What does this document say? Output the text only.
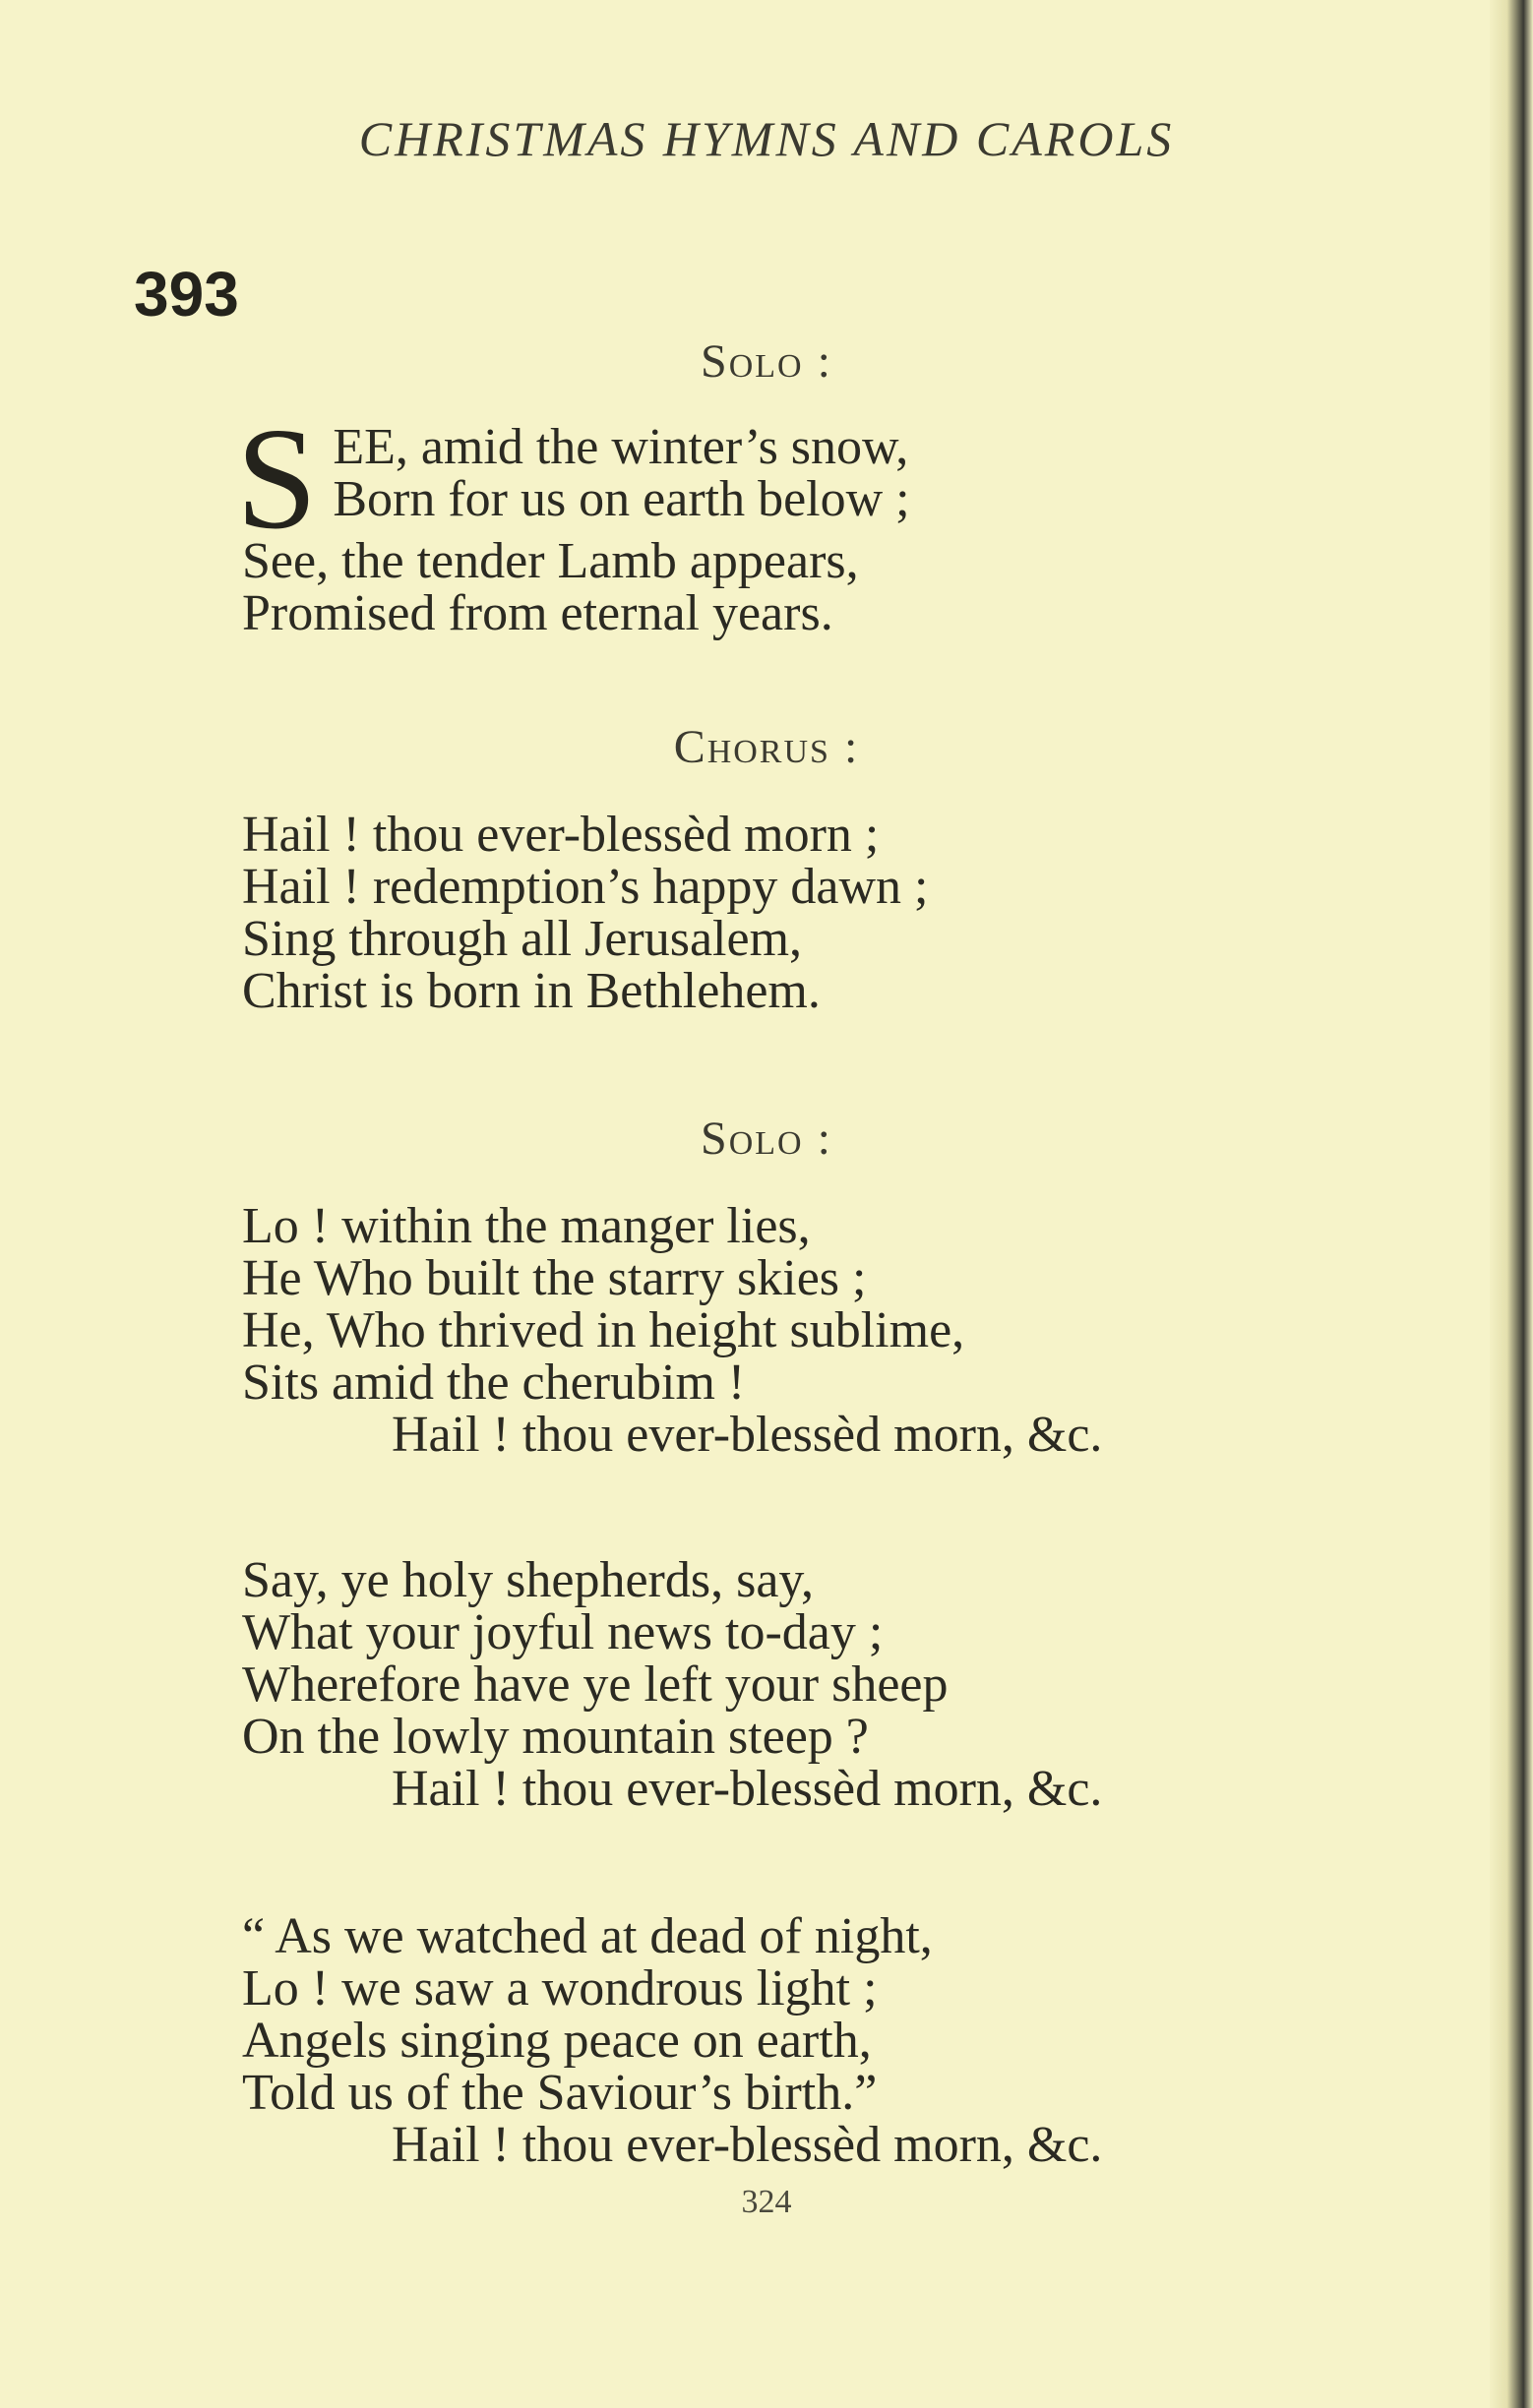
CHRISTMAS HYMNS AND CAROLS
393
Solo :
S EE, amid the winter’s snow,
Born for us on earth below ;
See, the tender Lamb appears,
Promised from eternal years.
Chorus :
Hail ! thou ever-blessèd morn ;
Hail ! redemption’s happy dawn ;
Sing through all Jerusalem,
Christ is born in Bethlehem.
Solo :
Lo ! within the manger lies,
He Who built the starry skies ;
He, Who thrived in height sublime,
Sits amid the cherubim !
Hail ! thou ever-blessèd morn, &c.
Say, ye holy shepherds, say,
What your joyful news to-day ;
Wherefore have ye left your sheep
On the lowly mountain steep ?
Hail ! thou ever-blessèd morn, &c.
“ As we watched at dead of night,
Lo ! we saw a wondrous light ;
Angels singing peace on earth,
Told us of the Saviour’s birth.”
Hail ! thou ever-blessèd morn, &c.
324
